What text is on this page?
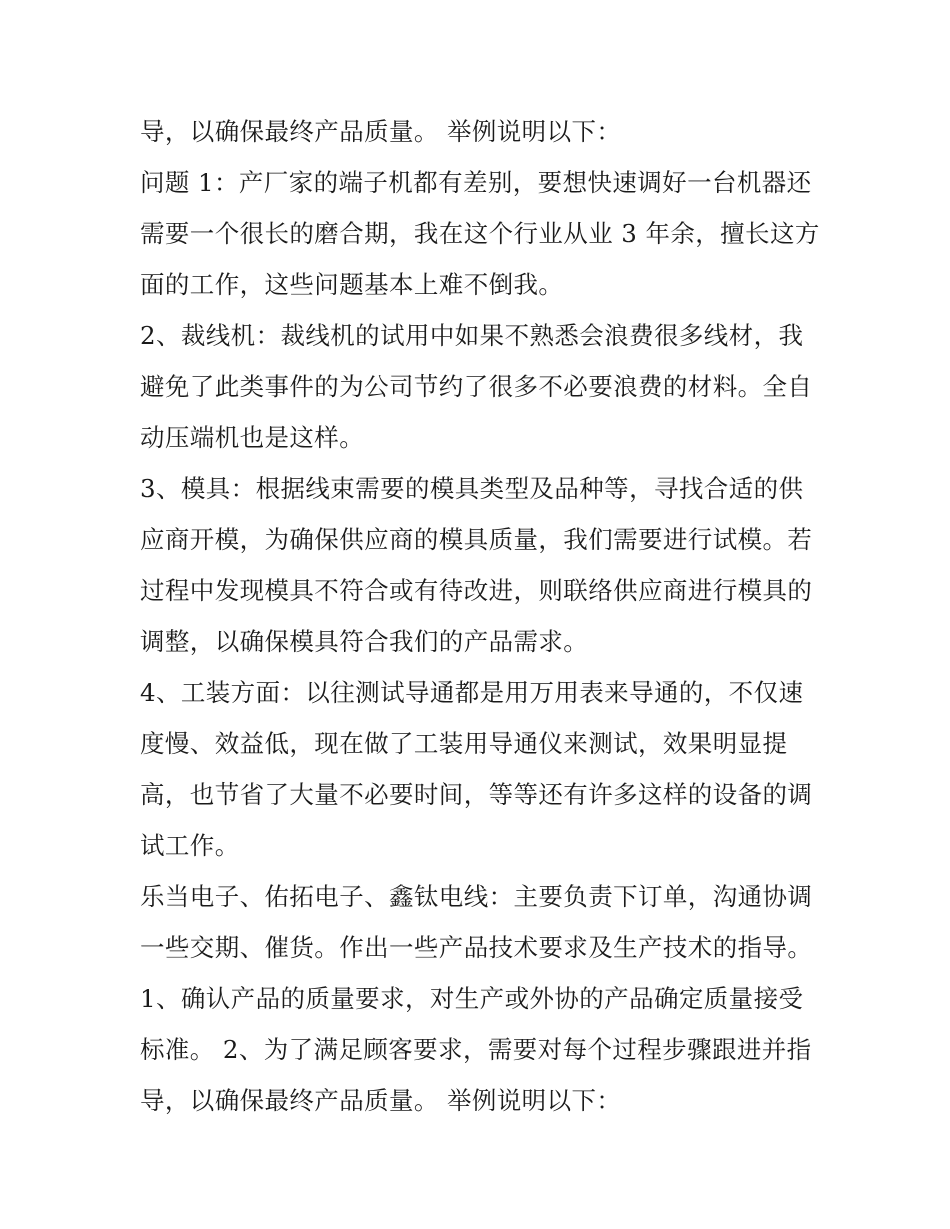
导，以确保最终产品质量。 举例说明以下：
问题 1：产厂家的端子机都有差别，要想快速调好一台机器还
需要一个很长的磨合期，我在这个行业从业 3 年余，擅长这方
面的工作，这些问题基本上难不倒我。
2、裁线机：裁线机的试用中如果不熟悉会浪费很多线材，我
避免了此类事件的为公司节约了很多不必要浪费的材料。全自
动压端机也是这样。
3、模具：根据线束需要的模具类型及品种等，寻找合适的供
应商开模，为确保供应商的模具质量，我们需要进行试模。若
过程中发现模具不符合或有待改进，则联络供应商进行模具的
调整，以确保模具符合我们的产品需求。
4、工装方面：以往测试导通都是用万用表来导通的，不仅速
度慢、效益低，现在做了工装用导通仪来测试，效果明显提
高，也节省了大量不必要时间，等等还有许多这样的设备的调
试工作。
乐当电子、佑拓电子、鑫钛电线：主要负责下订单，沟通协调
一些交期、催货。作出一些产品技术要求及生产技术的指导。
1、确认产品的质量要求，对生产或外协的产品确定质量接受
标准。 2、为了满足顾客要求，需要对每个过程步骤跟进并指
导，以确保最终产品质量。 举例说明以下：
